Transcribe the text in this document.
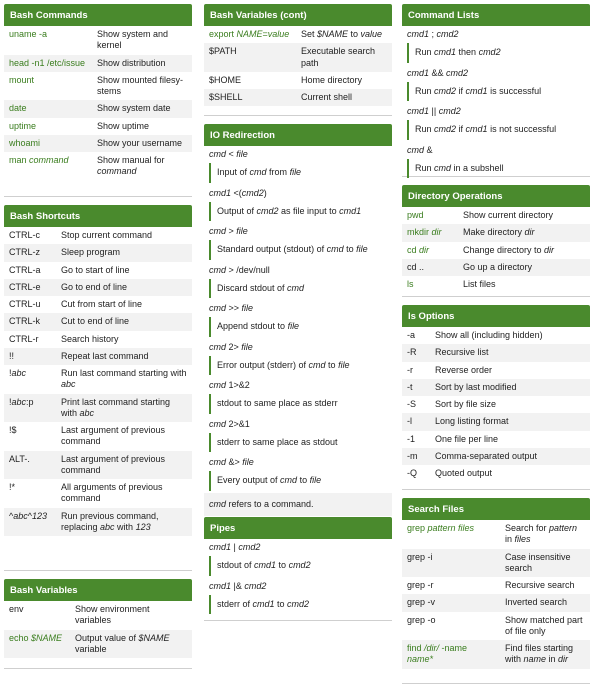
Bash Commands
uname -a	Show system and kernel
head -n1 /etc/issue	Show distribution
mount	Show mounted filesy-stems
date	Show system date
uptime	Show uptime
whoami	Show your username
man command	Show manual for command
Bash Shortcuts
CTRL-c	Stop current command
CTRL-z	Sleep program
CTRL-a	Go to start of line
CTRL-e	Go to end of line
CTRL-u	Cut from start of line
CTRL-k	Cut to end of line
CTRL-r	Search history
!!	Repeat last command
!abc	Run last command starting with abc
!abc:p	Print last command starting with abc
!$	Last argument of previous command
ALT-.	Last argument of previous command
!*	All arguments of previous command
^abc^123	Run previous command, replacing abc with 123
Bash Variables
env	Show environment variables
echo $NAME	Output value of $NAME variable
Bash Variables (cont)
export NAME=value	Set $NAME to value
$PATH	Executable search path
$HOME	Home directory
$SHELL	Current shell
IO Redirection
cmd < file
Input of cmd from file
cmd1 <(cmd2)
Output of cmd2 as file input to cmd1
cmd > file
Standard output (stdout) of cmd to file
cmd > /dev/null
Discard stdout of cmd
cmd >> file
Append stdout to file
cmd 2> file
Error output (stderr) of cmd to file
cmd 1>&2
stdout to same place as stderr
cmd 2>&1
stderr to same place as stdout
cmd &> file
Every output of cmd to file
cmd refers to a command.
Pipes
cmd1 | cmd2
stdout of cmd1 to cmd2
cmd1 |& cmd2
stderr of cmd1 to cmd2
Command Lists
cmd1 ; cmd2
Run cmd1 then cmd2
cmd1 && cmd2
Run cmd2 if cmd1 is successful
cmd1 || cmd2
Run cmd2 if cmd1 is not successful
cmd &
Run cmd in a subshell
Directory Operations
pwd	Show current directory
mkdir dir	Make directory dir
cd dir	Change directory to dir
cd ..	Go up a directory
ls	List files
ls Options
-a	Show all (including hidden)
-R	Recursive list
-r	Reverse order
-t	Sort by last modified
-S	Sort by file size
-l	Long listing format
-1	One file per line
-m	Comma-separated output
-Q	Quoted output
Search Files
grep pattern files	Search for pattern in files
grep -i	Case insensitive search
grep -r	Recursive search
grep -v	Inverted search
grep -o	Show matched part of file only
find /dir/ -name name*	Find files starting with name in dir
